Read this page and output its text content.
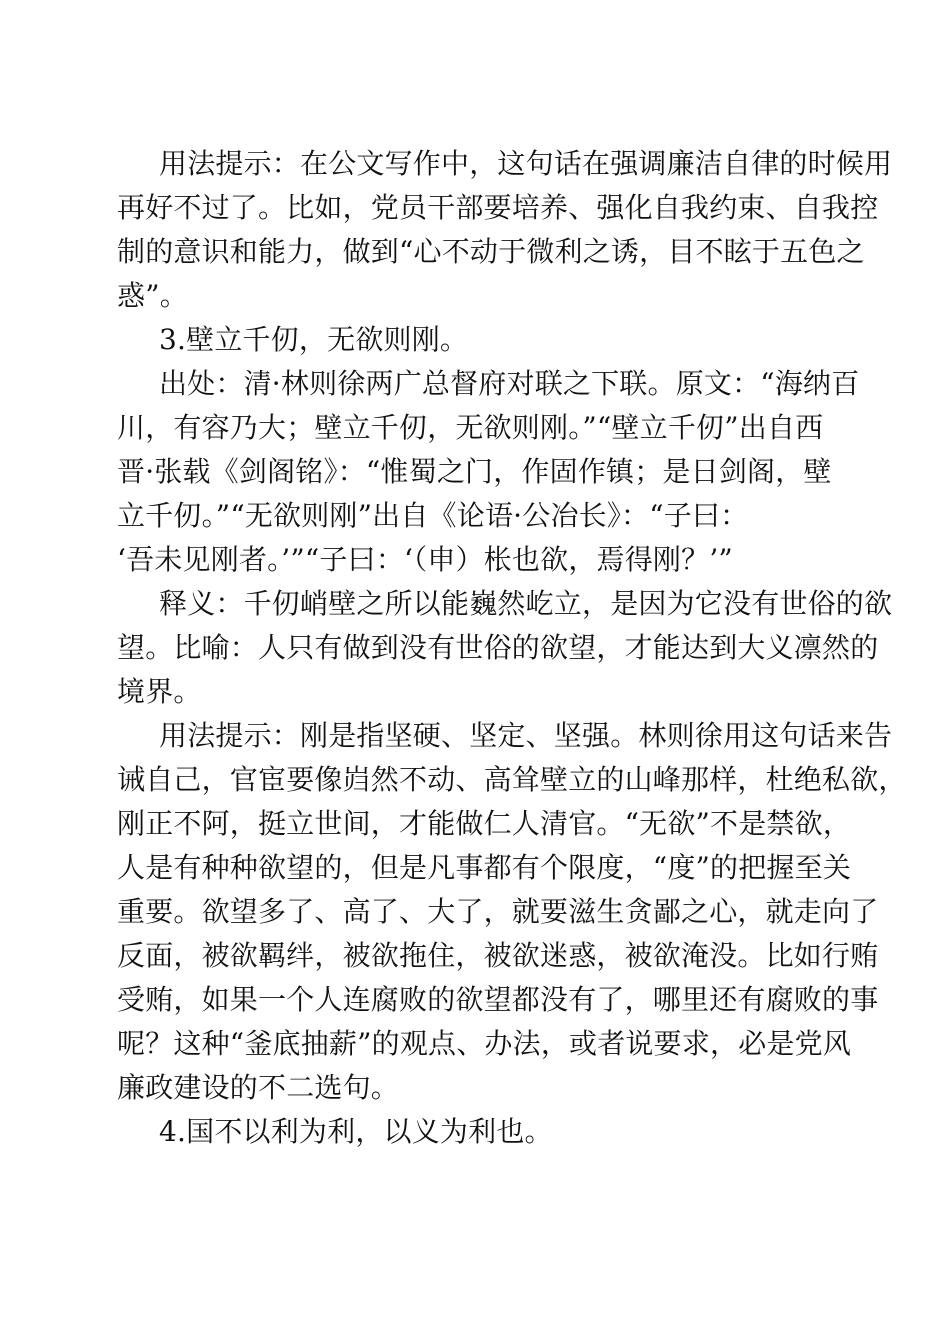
用法提示：在公文写作中，这句话在强调廉洁自律的时候用
再好不过了。比如，党员干部要培养、强化自我约束、自我控
制的意识和能力，做到“心不动于微利之诱，目不眩于五色之
惑”。
3.壁立千仞，无欲则刚。
出处：清·林则徐两广总督府对联之下联。原文：“海纳百
川，有容乃大；壁立千仞，无欲则刚。”“壁立千仞”出自西
晋·张载《剑阁铭》：“惟蜀之门，作固作镇；是日剑阁，壁
立千仞。”“无欲则刚”出自《论语·公冶长》：“子曰：
‘吾未见刚者。’”“子曰：‘（申）枨也欲，焉得刚？’”
释义：千仞峭壁之所以能巍然屹立，是因为它没有世俗的欲
望。比喻：人只有做到没有世俗的欲望，才能达到大义凛然的
境界。
用法提示：刚是指坚硬、坚定、坚强。林则徐用这句话来告
诫自己，官宦要像岿然不动、高耸壁立的山峰那样，杜绝私欲，
刚正不阿，挺立世间，才能做仁人清官。“无欲”不是禁欲，
人是有种种欲望的，但是凡事都有个限度，“度”的把握至关
重要。欲望多了、高了、大了，就要滋生贪鄙之心，就走向了
反面，被欲羁绊，被欲拖住，被欲迷惑，被欲淹没。比如行贿
受贿，如果一个人连腐败的欲望都没有了，哪里还有腐败的事
呢？这种“釜底抽薪”的观点、办法，或者说要求，必是党风
廉政建设的不二选句。
4.国不以利为利，以义为利也。
